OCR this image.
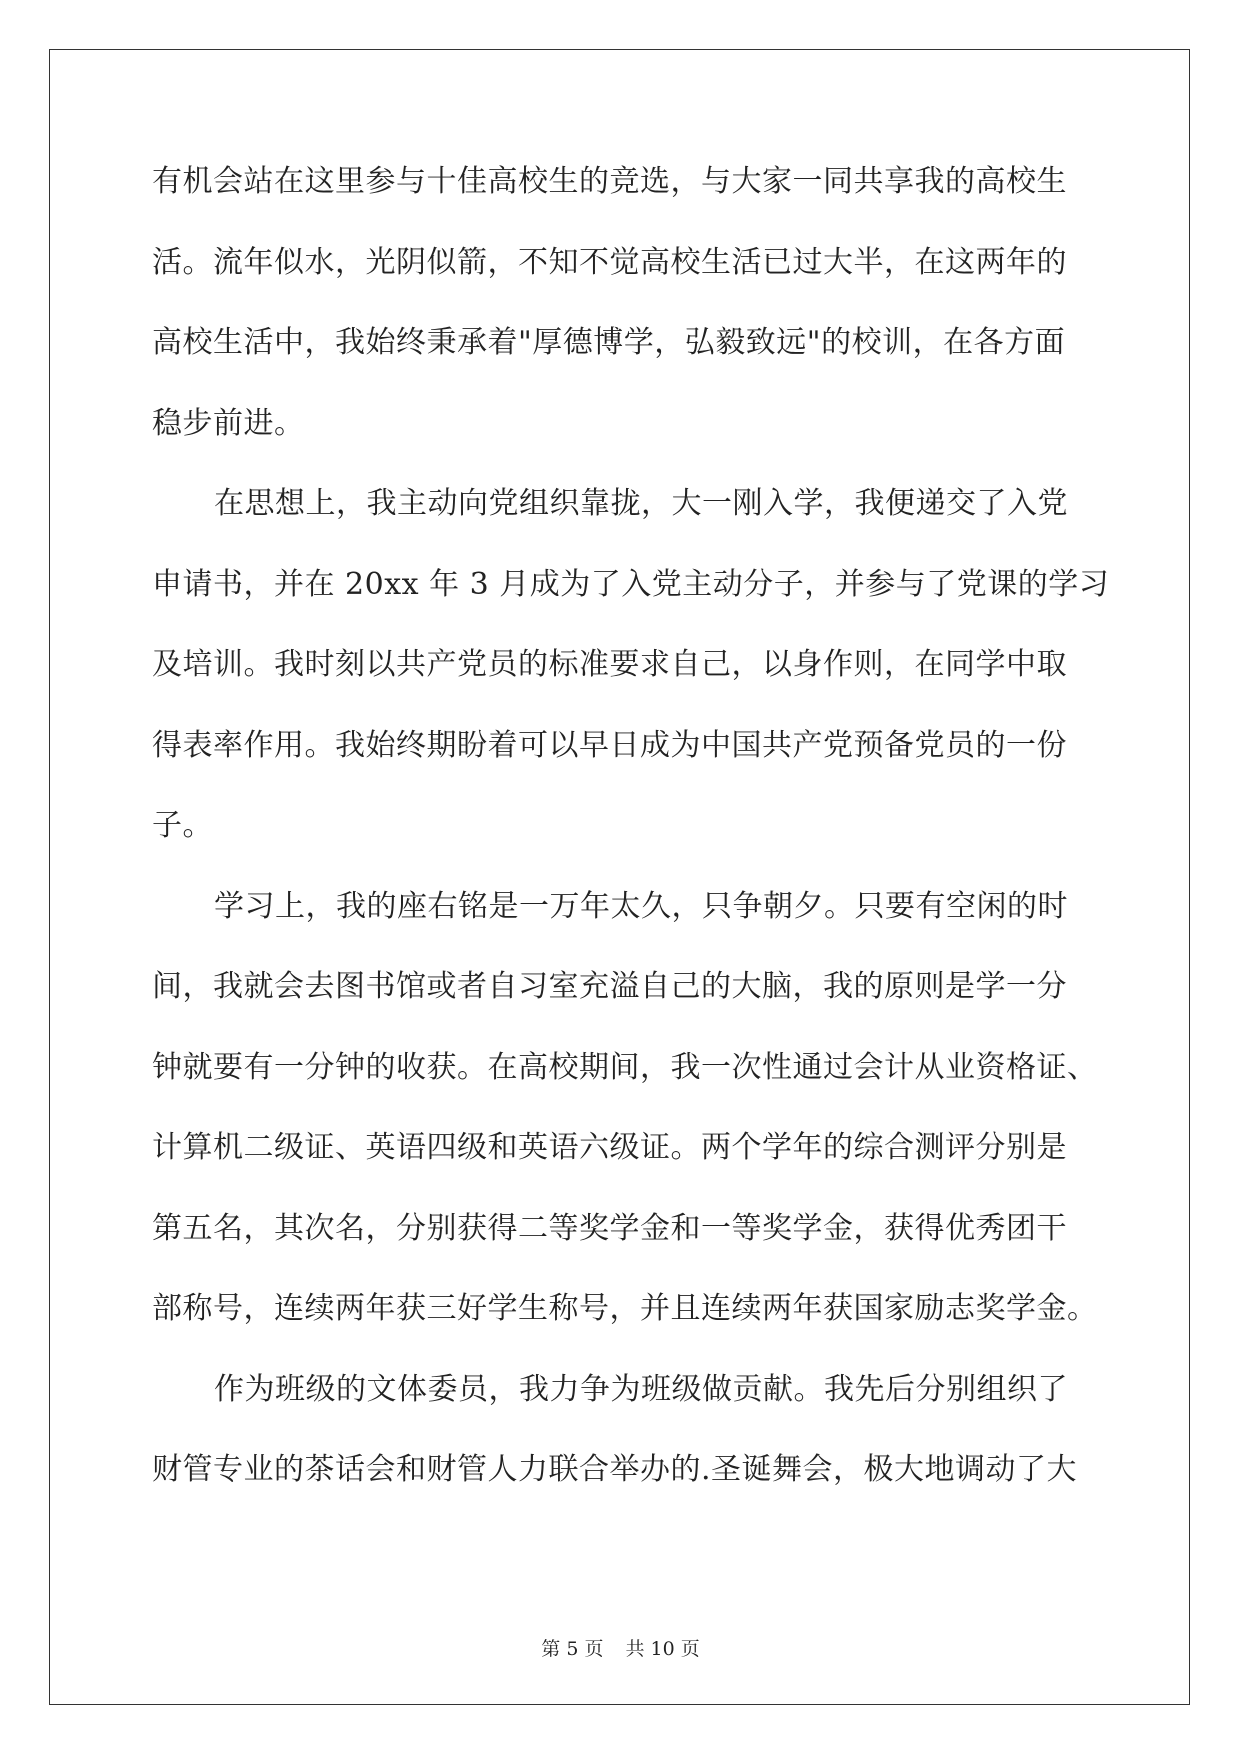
有机会站在这里参与十佳高校生的竞选，与大家一同共享我的高校生
活。流年似水，光阴似箭，不知不觉高校生活已过大半，在这两年的
高校生活中，我始终秉承着"厚德博学，弘毅致远"的校训，在各方面
稳步前进。
在思想上，我主动向党组织靠拢，大一刚入学，我便递交了入党
申请书，并在 20xx 年 3 月成为了入党主动分子，并参与了党课的学习
及培训。我时刻以共产党员的标准要求自己，以身作则，在同学中取
得表率作用。我始终期盼着可以早日成为中国共产党预备党员的一份
子。
学习上，我的座右铭是一万年太久，只争朝夕。只要有空闲的时
间，我就会去图书馆或者自习室充溢自己的大脑，我的原则是学一分
钟就要有一分钟的收获。在高校期间，我一次性通过会计从业资格证、
计算机二级证、英语四级和英语六级证。两个学年的综合测评分别是
第五名，其次名，分别获得二等奖学金和一等奖学金，获得优秀团干
部称号，连续两年获三好学生称号，并且连续两年获国家励志奖学金。
作为班级的文体委员，我力争为班级做贡献。我先后分别组织了
财管专业的茶话会和财管人力联合举办的.圣诞舞会，极大地调动了大
第 5 页 共 10 页
